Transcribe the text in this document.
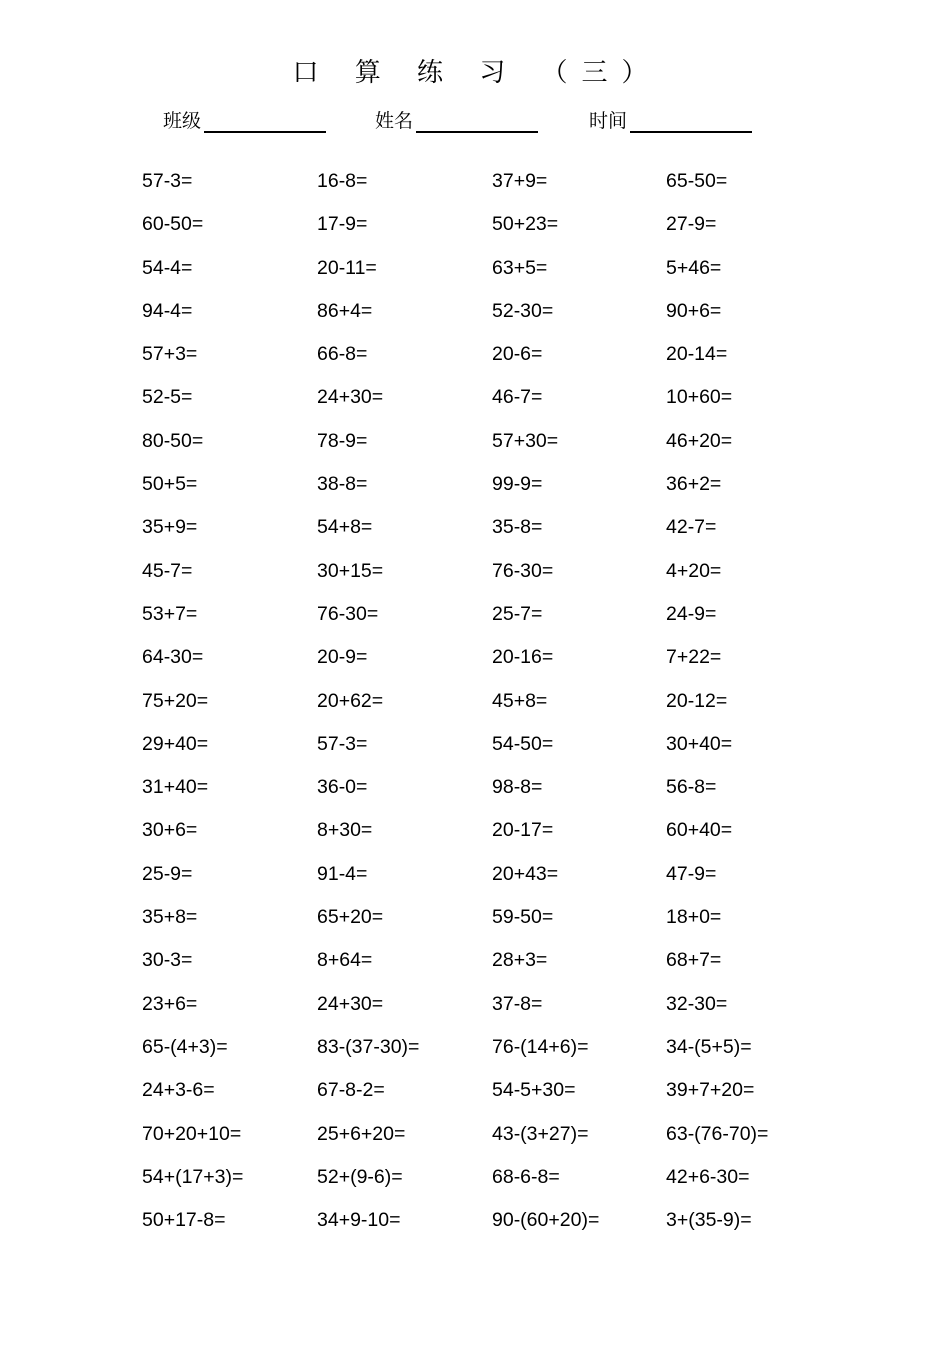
口 算 练 习 （三）
班级	姓名	时间
57-3=	16-8=	37+9=	65-50=
60-50=	17-9=	50+23=	27-9=
54-4=	20-11=	63+5=	5+46=
94-4=	86+4=	52-30=	90+6=
57+3=	66-8=	20-6=	20-14=
52-5=	24+30=	46-7=	10+60=
80-50=	78-9=	57+30=	46+20=
50+5=	38-8=	99-9=	36+2=
35+9=	54+8=	35-8=	42-7=
45-7=	30+15=	76-30=	4+20=
53+7=	76-30=	25-7=	24-9=
64-30=	20-9=	20-16=	7+22=
75+20=	20+62=	45+8=	20-12=
29+40=	57-3=	54-50=	30+40=
31+40=	36-0=	98-8=	56-8=
30+6=	8+30=	20-17=	60+40=
25-9=	91-4=	20+43=	47-9=
35+8=	65+20=	59-50=	18+0=
30-3=	8+64=	28+3=	68+7=
23+6=	24+30=	37-8=	32-30=
65-(4+3)=	83-(37-30)=	76-(14+6)=	34-(5+5)=
24+3-6=	67-8-2=	54-5+30=	39+7+20=
70+20+10=	25+6+20=	43-(3+27)=	63-(76-70)=
54+(17+3)=	52+(9-6)=	68-6-8=	42+6-30=
50+17-8=	34+9-10=	90-(60+20)=	3+(35-9)=
